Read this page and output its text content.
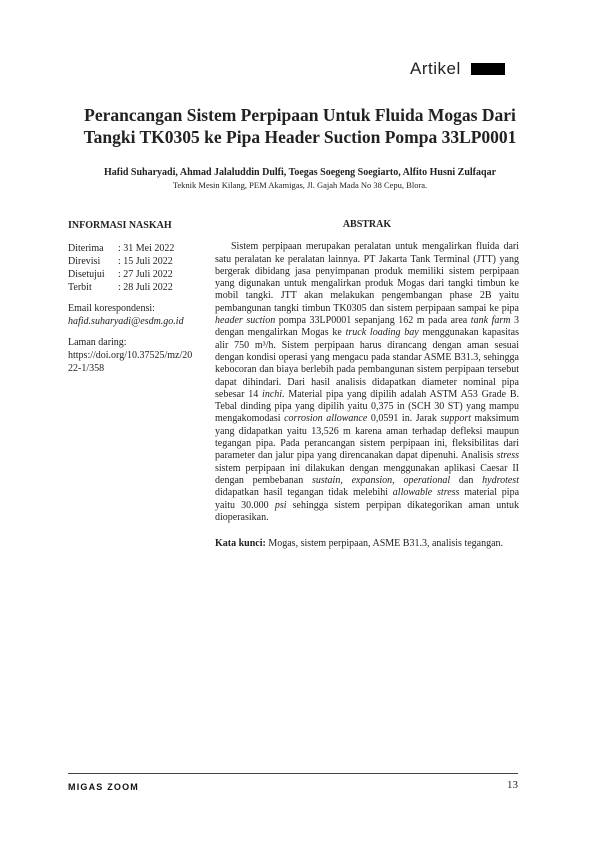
Artikel
Perancangan Sistem Perpipaan Untuk Fluida Mogas Dari Tangki TK0305 ke Pipa Header Suction Pompa 33LP0001
Hafid Suharyadi, Ahmad Jalaluddin Dulfi, Toegas Soegeng Soegiarto, Alfito Husni Zulfaqar
Teknik Mesin Kilang, PEM Akamigas, Jl. Gajah Mada No 38 Cepu, Blora.
INFORMASI NASKAH
Diterima	: 31 Mei 2022
Direvisi	: 15 Juli 2022
Disetujui	: 27 Juli 2022
Terbit	: 28 Juli 2022
Email korespondensi:
hafid.suharyadi@esdm.go.id
Laman daring:
https://doi.org/10.37525/mz/2022-1/358
ABSTRAK

Sistem perpipaan merupakan peralatan untuk mengalirkan fluida dari satu peralatan ke peralatan lainnya. PT Jakarta Tank Terminal (JTT) yang bergerak dibidang jasa penyimpanan produk memiliki sistem perpipaan yang digunakan untuk mengalirkan produk Mogas dari tangki timbun ke mobil tangki. JTT akan melakukan pengembangan phase 2B yaitu pembangunan tangki timbun TK0305 dan sistem perpipaan sampai ke pipa header suction pompa 33LP0001 sepanjang 162 m pada area tank farm 3 dengan mengalirkan Mogas ke truck loading bay menggunakan kapasitas alir 750 m³/h. Sistem perpipaan harus dirancang dengan aman sesuai dengan kondisi operasi yang mengacu pada standar ASME B31.3, sehingga kebocoran dan biaya berlebih pada pembangunan sistem perpipaan tersebut dapat dihindari. Dari hasil analisis didapatkan diameter nominal pipa sebesar 14 inchi. Material pipa yang dipilih adalah ASTM A53 Grade B. Tebal dinding pipa yang dipilih yaitu 0,375 in (SCH 30 ST) yang mampu mengakomodasi corrosion allowance 0,0591 in. Jarak support maksimum yang didapatkan yaitu 13,526 m karena aman terhadap defleksi maupun tegangan pipa. Pada perancangan sistem perpipaan ini, fleksibilitas dari parameter dan jalur pipa yang direncanakan dapat dipenuhi. Analisis stress sistem perpipaan ini dilakukan dengan menggunakan aplikasi Caesar II dengan pembebanan sustain, expansion, operational dan hydrotest didapatkan hasil tegangan tidak melebihi allowable stress material pipa yaitu 30.000 psi sehingga sistem perpipan dikategorikan aman untuk dioperasikan.

Kata kunci: Mogas, sistem perpipaan, ASME B31.3, analisis tegangan.

MIGAS ZOOM	13
